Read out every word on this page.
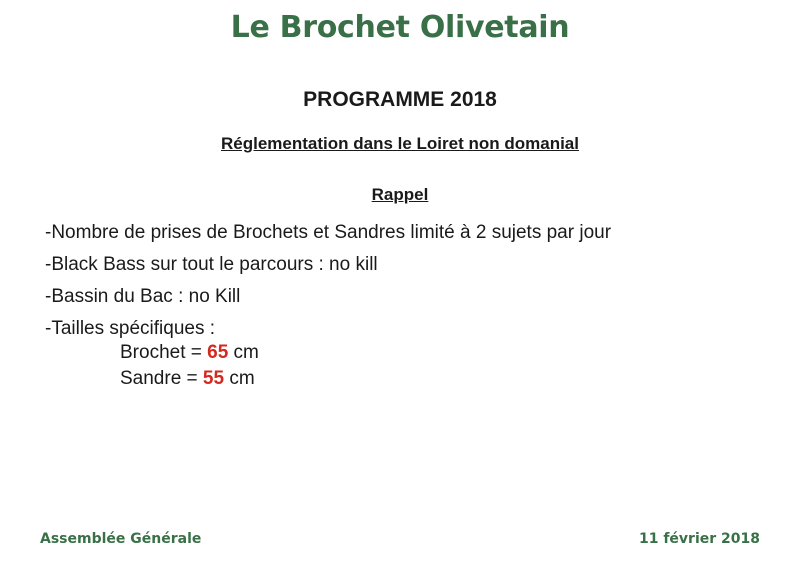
Le Brochet Olivetain
PROGRAMME 2018
Réglementation dans le Loiret non domanial
Rappel
-Nombre de prises de Brochets et Sandres limité à 2 sujets par jour
-Black Bass sur tout le parcours : no kill
-Bassin du Bac : no Kill
-Tailles spécifiques :
Brochet = 65 cm
Sandre = 55 cm
Assemblée Générale	11 février 2018
